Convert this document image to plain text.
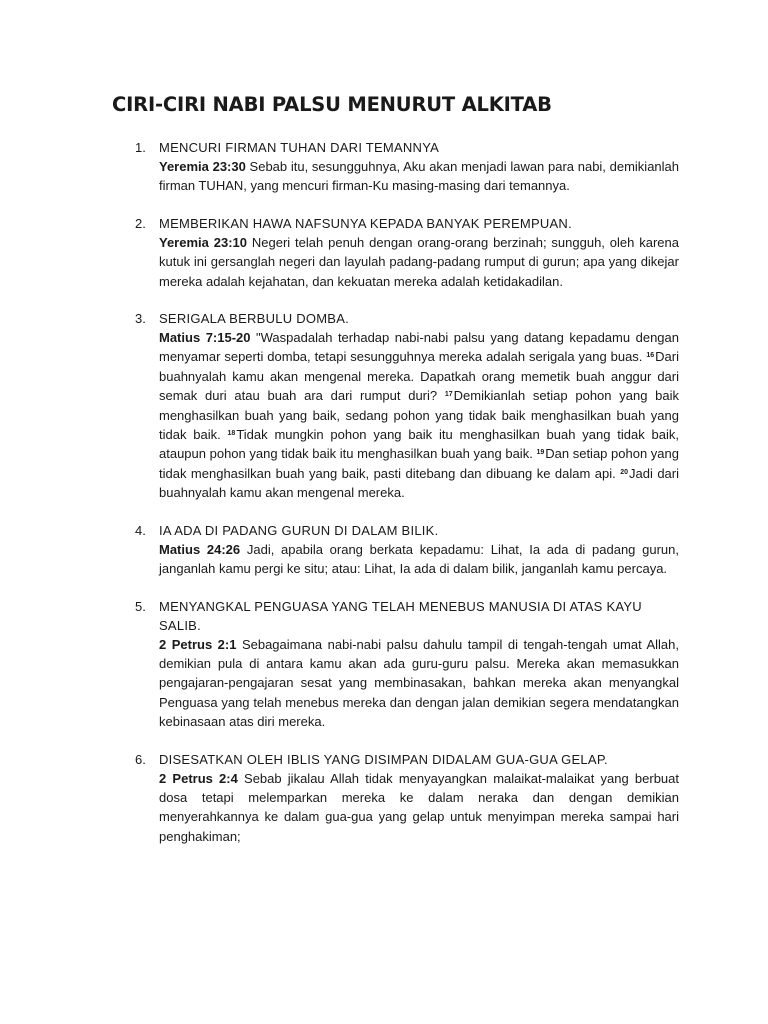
CIRI-CIRI NABI PALSU MENURUT ALKITAB
1. MENCURI FIRMAN TUHAN DARI TEMANNYA
Yeremia 23:30 Sebab itu, sesungguhnya, Aku akan menjadi lawan para nabi, demikianlah firman TUHAN, yang mencuri firman-Ku masing-masing dari temannya.
2. MEMBERIKAN HAWA NAFSUNYA KEPADA BANYAK PEREMPUAN.
Yeremia 23:10 Negeri telah penuh dengan orang-orang berzinah; sungguh, oleh karena kutuk ini gersanglah negeri dan layulah padang-padang rumput di gurun; apa yang dikejar mereka adalah kejahatan, dan kekuatan mereka adalah ketidakadilan.
3. SERIGALA BERBULU DOMBA.
Matius 7:15-20 "Waspadalah terhadap nabi-nabi palsu yang datang kepadamu dengan menyamar seperti domba, tetapi sesungguhnya mereka adalah serigala yang buas. $^{16}$Dari buahnyalah kamu akan mengenal mereka. Dapatkah orang memetik buah anggur dari semak duri atau buah ara dari rumput duri? $^{17}$Demikianlah setiap pohon yang baik menghasilkan buah yang baik, sedang pohon yang tidak baik menghasilkan buah yang tidak baik. $^{18}$Tidak mungkin pohon yang baik itu menghasilkan buah yang tidak baik, ataupun pohon yang tidak baik itu menghasilkan buah yang baik. $^{19}$Dan setiap pohon yang tidak menghasilkan buah yang baik, pasti ditebang dan dibuang ke dalam api. $^{20}$Jadi dari buahnyalah kamu akan mengenal mereka.
4. IA ADA DI PADANG GURUN DI DALAM BILIK.
Matius 24:26 Jadi, apabila orang berkata kepadamu: Lihat, Ia ada di padang gurun, janganlah kamu pergi ke situ; atau: Lihat, Ia ada di dalam bilik, janganlah kamu percaya.
5. MENYANGKAL PENGUASA YANG TELAH MENEBUS MANUSIA DI ATAS KAYU SALIB.
2 Petrus 2:1 Sebagaimana nabi-nabi palsu dahulu tampil di tengah-tengah umat Allah, demikian pula di antara kamu akan ada guru-guru palsu. Mereka akan memasukkan pengajaran-pengajaran sesat yang membinasakan, bahkan mereka akan menyangkal Penguasa yang telah menebus mereka dan dengan jalan demikian segera mendatangkan kebinasaan atas diri mereka.
6. DISESATKAN OLEH IBLIS YANG DISIMPAN DIDALAM GUA-GUA GELAP.
2 Petrus 2:4 Sebab jikalau Allah tidak menyayangkan malaikat-malaikat yang berbuat dosa tetapi melemparkan mereka ke dalam neraka dan dengan demikian menyerahkannya ke dalam gua-gua yang gelap untuk menyimpan mereka sampai hari penghakiman;
